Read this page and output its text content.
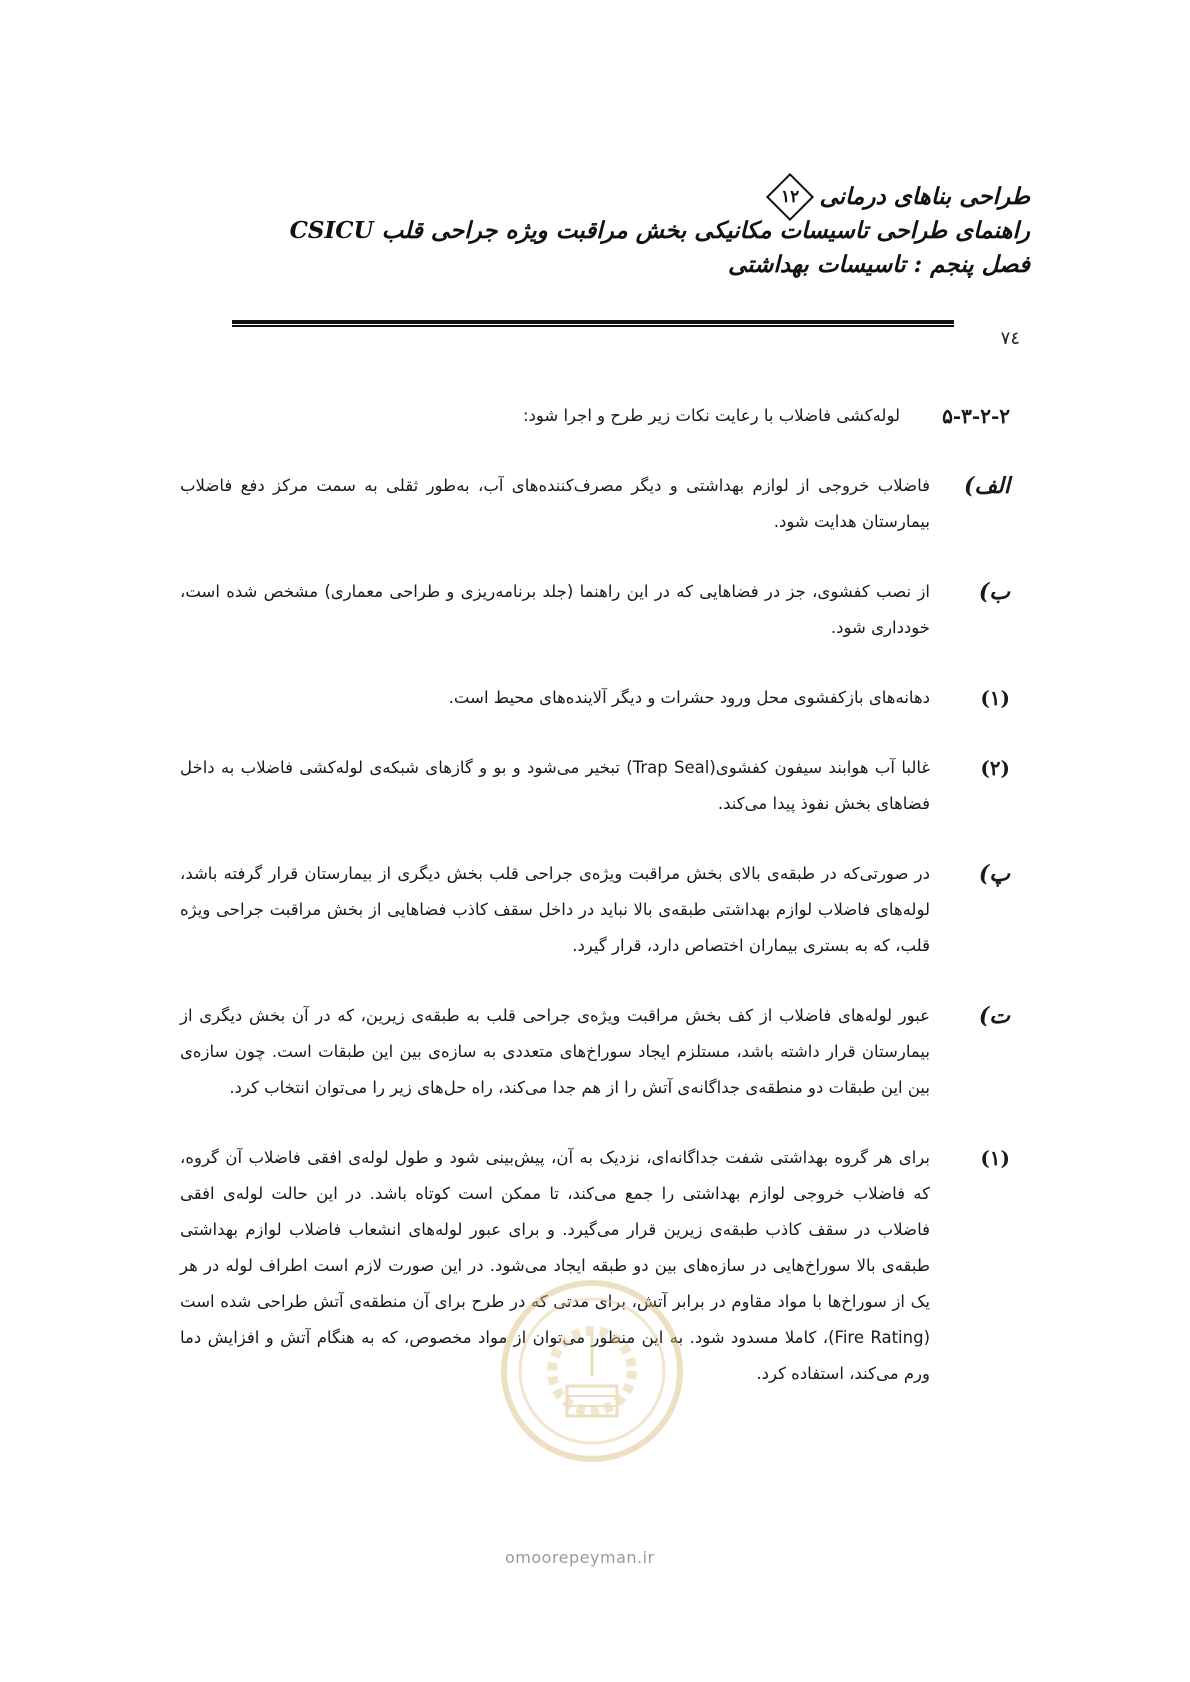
طراحی بناهای درمانی
۱۲
راهنمای طراحی تاسیسات مکانیکی بخش مراقبت ویژه جراحی قلب CSICU
فصل پنجم : تاسیسات بهداشتی
۷٤
۵-۳-۲-۲
لوله‌کشی فاضلاب با رعایت نکات زیر طرح و اجرا شود:
الف)
فاضلاب خروجی از لوازم بهداشتی و دیگر مصرف‌کننده‌های آب، به‌طور ثقلی به سمت مرکز دفع فاضلاب بیمارستان هدایت شود.
ب)
از نصب کفشوی، جز در فضاهایی که در این راهنما (جلد برنامه‌ریزی و طراحی معماری) مشخص شده است، خودداری شود.
(۱)
دهانه‌های بازکفشوی محل ورود حشرات و دیگر آلاینده‌های محیط است.
(۲)
غالبا آب هوابند سیفون کفشوی(Trap Seal) تبخیر می‌شود و بو و گازهای شبکه‌ی لوله‌کشی فاضلاب به داخل فضاهای بخش نفوذ پیدا می‌کند.
پ)
در صورتی‌که در طبقه‌ی بالای بخش مراقبت ویژه‌ی جراحی قلب بخش دیگری از بیمارستان قرار گرفته باشد، لوله‌های فاضلاب لوازم بهداشتی طبقه‌ی بالا نباید در داخل سقف کاذب فضاهایی از بخش مراقبت جراحی ویژه قلب، که به بستری بیماران اختصاص دارد، قرار گیرد.
ت)
عبور لوله‌های فاضلاب از کف بخش مراقبت ویژه‌ی جراحی قلب به طبقه‌ی زیرین، که در آن بخش دیگری از بیمارستان قرار داشته باشد، مستلزم ایجاد سوراخ‌های متعددی به سازه‌ی بین این طبقات است. چون سازه‌ی بین این طبقات دو منطقه‌ی جداگانه‌ی آتش را از هم جدا می‌کند، راه حل‌های زیر را می‌توان انتخاب کرد.
(۱)
برای هر گروه بهداشتی شفت جداگانه‌ای، نزدیک به آن، پیش‌بینی شود و طول لوله‌ی افقی فاضلاب آن گروه، که فاضلاب خروجی لوازم بهداشتی را جمع می‌کند، تا ممکن است کوتاه باشد. در این حالت لوله‌ی افقی فاضلاب در سقف کاذب طبقه‌ی زیرین قرار می‌گیرد. و برای عبور لوله‌های انشعاب فاضلاب لوازم بهداشتی طبقه‌ی بالا سوراخ‌هایی در سازه‌های بین دو طبقه ایجاد می‌شود. در این صورت لازم است اطراف لوله در هر یک از سوراخ‌ها با مواد مقاوم در برابر آتش، برای مدتی که در طرح برای آن منطقه‌ی آتش طراحی شده است (Fire Rating)، کاملا مسدود شود. به این منظور می‌توان از مواد مخصوص، که به هنگام آتش و افزایش دما ورم می‌کند، استفاده کرد.
omoorepeyman.ir
